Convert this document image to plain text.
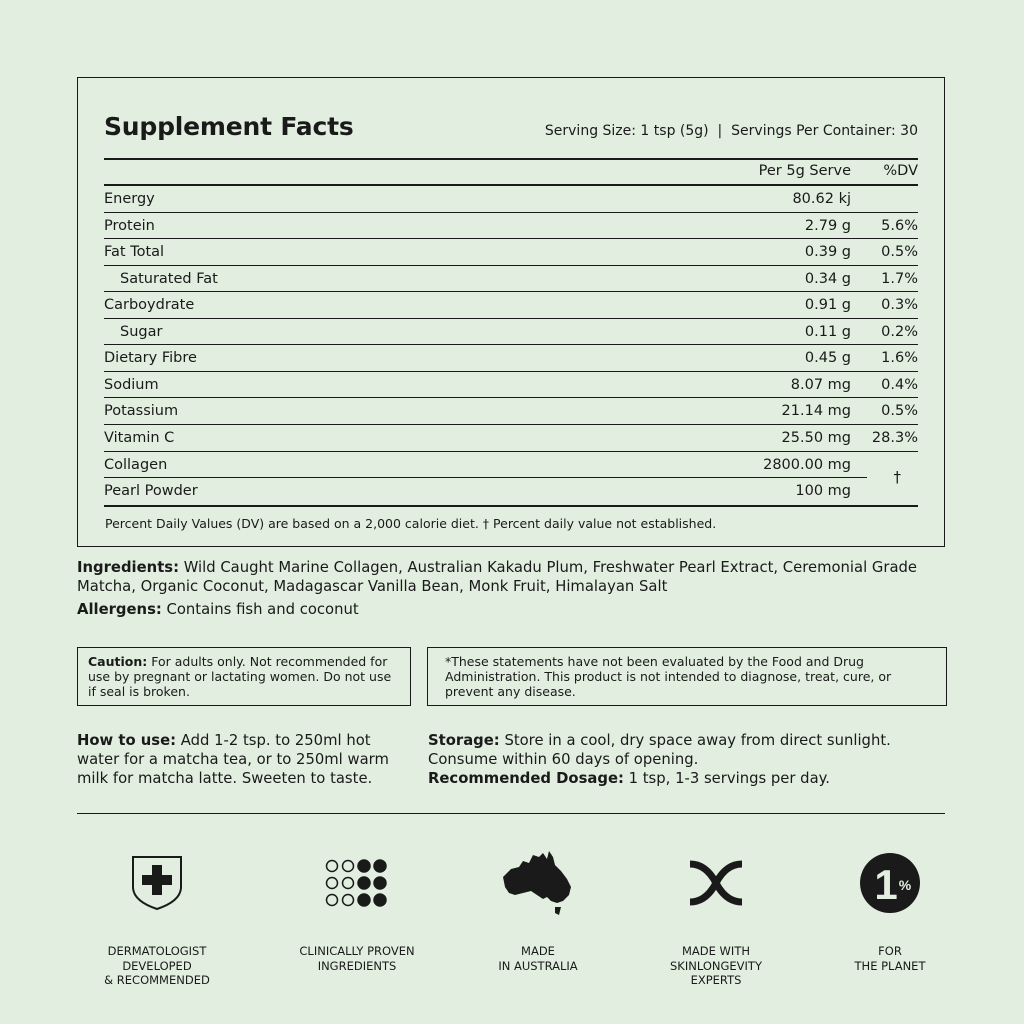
Supplement Facts	Serving Size: 1 tsp (5g)  |  Servings Per Container: 30
Per 5g Serve %DV
Energy	80.62 kj
Protein	2.79 g 5.6%
Fat Total	0.39 g 0.5%
Saturated Fat	0.34 g 1.7%
Carboydrate	0.91 g 0.3%
Sugar	0.11 g 0.2%
Dietary Fibre	0.45 g 1.6%
Sodium	8.07 mg 0.4%
Potassium	21.14 mg 0.5%
Vitamin C	25.50 mg 28.3%
Collagen	2800.00 mg
Pearl Powder	100 mg
†
Percent Daily Values (DV) are based on a 2,000 calorie diet. † Percent daily value not established.
Ingredients: Wild Caught Marine Collagen, Australian Kakadu Plum, Freshwater Pearl Extract, Ceremonial Grade Matcha, Organic Coconut, Madagascar Vanilla Bean, Monk Fruit, Himalayan Salt
Allergens: Contains fish and coconut
Caution: For adults only. Not recommended for use by pregnant or lactating women. Do not use if seal is broken.
*These statements have not been evaluated by the Food and Drug Administration. This product is not intended to diagnose, treat, cure, or prevent any disease.
How to use: Add 1-2 tsp. to 250ml hot water for a matcha tea, or to 250ml warm milk for matcha latte. Sweeten to taste.
Storage: Store in a cool, dry space away from direct sunlight. Consume within 60 days of opening.
Recommended Dosage: 1 tsp, 1-3 servings per day.
DERMATOLOGIST
DEVELOPED
& RECOMMENDED
CLINICALLY PROVEN
INGREDIENTS
MADE
IN AUSTRALIA
MADE WITH
SKINLONGEVITY
EXPERTS
1 %
FOR
THE PLANET
